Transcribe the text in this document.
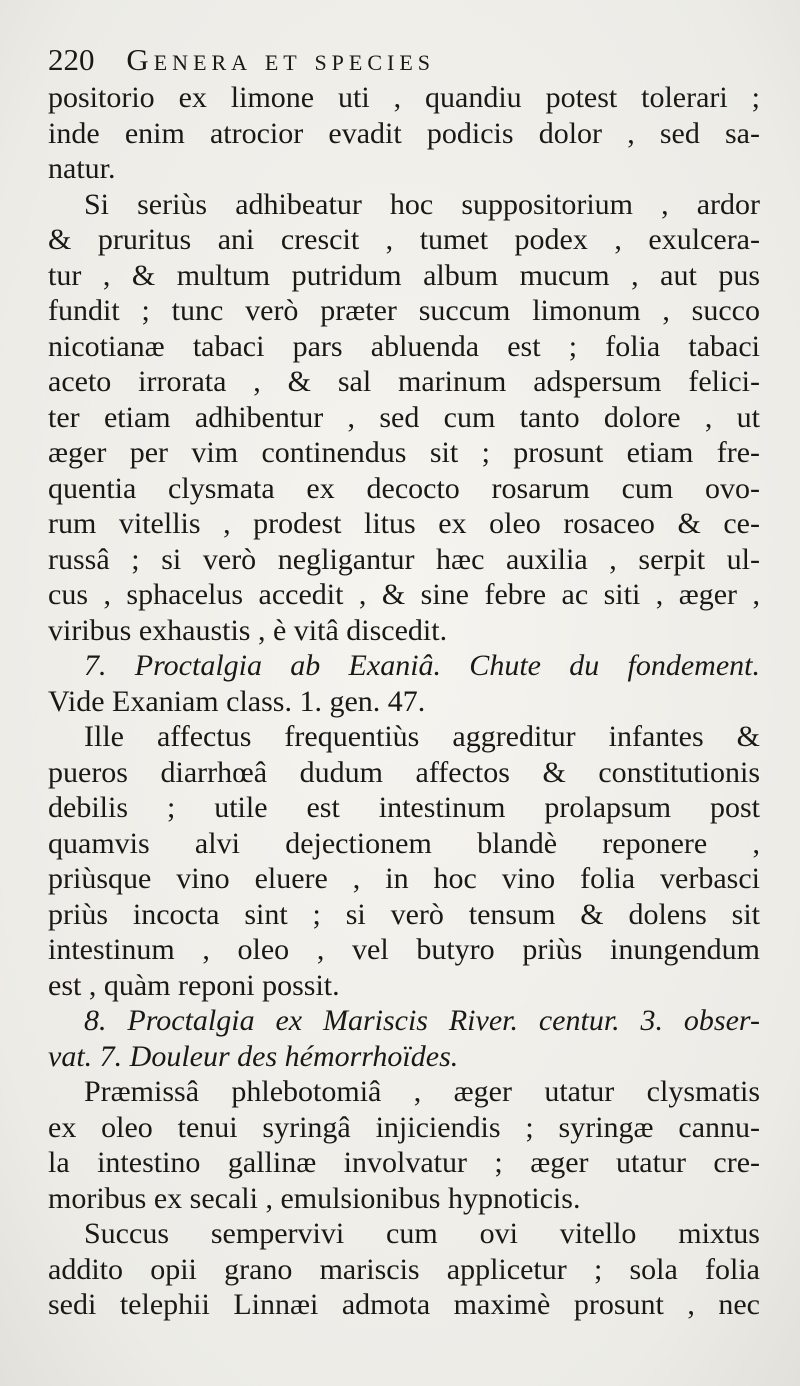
220 Genera et species
positorio ex limone uti , quandiu potest tolerari ;
inde enim atrocior evadit podicis dolor , sed sa-
natur.
Si seriùs adhibeatur hoc suppositorium , ardor
& pruritus ani crescit , tumet podex , exulcera-
tur , & multum putridum album mucum , aut pus
fundit ; tunc verò præter succum limonum , succo
nicotianæ tabaci pars abluenda est ; folia tabaci
aceto irrorata , & sal marinum adspersum felici-
ter etiam adhibentur , sed cum tanto dolore , ut
æger per vim continendus sit ; prosunt etiam fre-
quentia clysmata ex decocto rosarum cum ovo-
rum vitellis , prodest litus ex oleo rosaceo & ce-
russâ ; si verò negligantur hæc auxilia , serpit ul-
cus , sphacelus accedit , & sine febre ac siti , æger ,
viribus exhaustis , è vitâ discedit.
7. Proctalgia ab Exaniâ. Chute du fondement.
Vide Exaniam class. 1. gen. 47.
Ille affectus frequentiùs aggreditur infantes &
pueros diarrhœâ dudum affectos & constitutionis
debilis ; utile est intestinum prolapsum post
quamvis alvi dejectionem blandè reponere ,
priùsque vino eluere , in hoc vino folia verbasci
priùs incocta sint ; si verò tensum & dolens sit
intestinum , oleo , vel butyro priùs inungendum
est , quàm reponi possit.
8. Proctalgia ex Mariscis River. centur. 3. obser-
vat. 7. Douleur des hémorrhoïdes.
Præmissâ phlebotomiâ , æger utatur clysmatis
ex oleo tenui syringâ injiciendis ; syringæ cannu-
la intestino gallinæ involvatur ; æger utatur cre-
moribus ex secali , emulsionibus hypnoticis.
Succus sempervivi cum ovi vitello mixtus
addito opii grano mariscis applicetur ; sola folia
sedi telephii Linnæi admota maximè prosunt , nec
